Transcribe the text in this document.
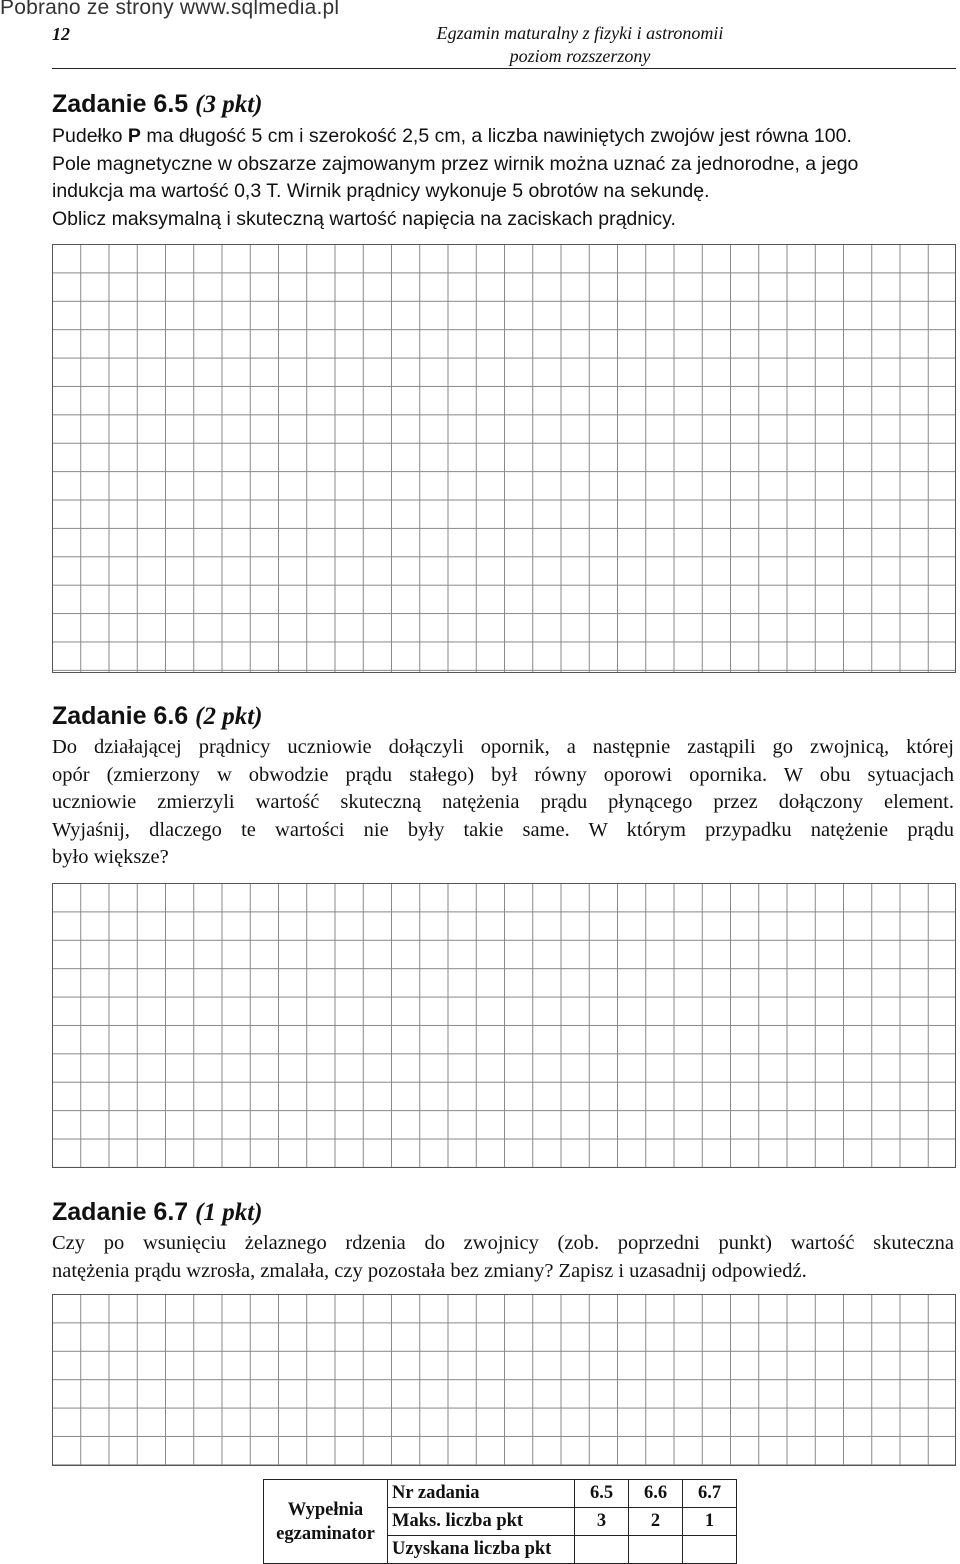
Pobrano ze strony www.sqlmedia.pl
12	Egzamin maturalny z fizyki i astronomii
poziom rozszerzony
Zadanie 6.5 (3 pkt)
Pudełko P ma długość 5 cm i szerokość 2,5 cm, a liczba nawiniętych zwojów jest równa 100.
Pole magnetyczne w obszarze zajmowanym przez wirnik można uznać za jednorodne, a jego
indukcja ma wartość 0,3 T. Wirnik prądnicy wykonuje 5 obrotów na sekundę.
Oblicz maksymalną i skuteczną wartość napięcia na zaciskach prądnicy.
Zadanie 6.6 (2 pkt)
Do działającej prądnicy uczniowie dołączyli opornik, a następnie zastąpili go zwojnicą, której
opór (zmierzony w obwodzie prądu stałego) był równy oporowi opornika. W obu sytuacjach
uczniowie zmierzyli wartość skuteczną natężenia prądu płynącego przez dołączony element.
Wyjaśnij, dlaczego te wartości nie były takie same. W którym przypadku natężenie prądu
było większe?
Zadanie 6.7 (1 pkt)
Czy po wsunięciu żelaznego rdzenia do zwojnicy (zob. poprzedni punkt) wartość skuteczna
natężenia prądu wzrosła, zmalała, czy pozostała bez zmiany? Zapisz i uzasadnij odpowiedź.
Wypełnia
egzaminator	Nr zadania	6.5	6.6	6.7
	Maks. liczba pkt	3	2	1
	Uzyskana liczba pkt			
